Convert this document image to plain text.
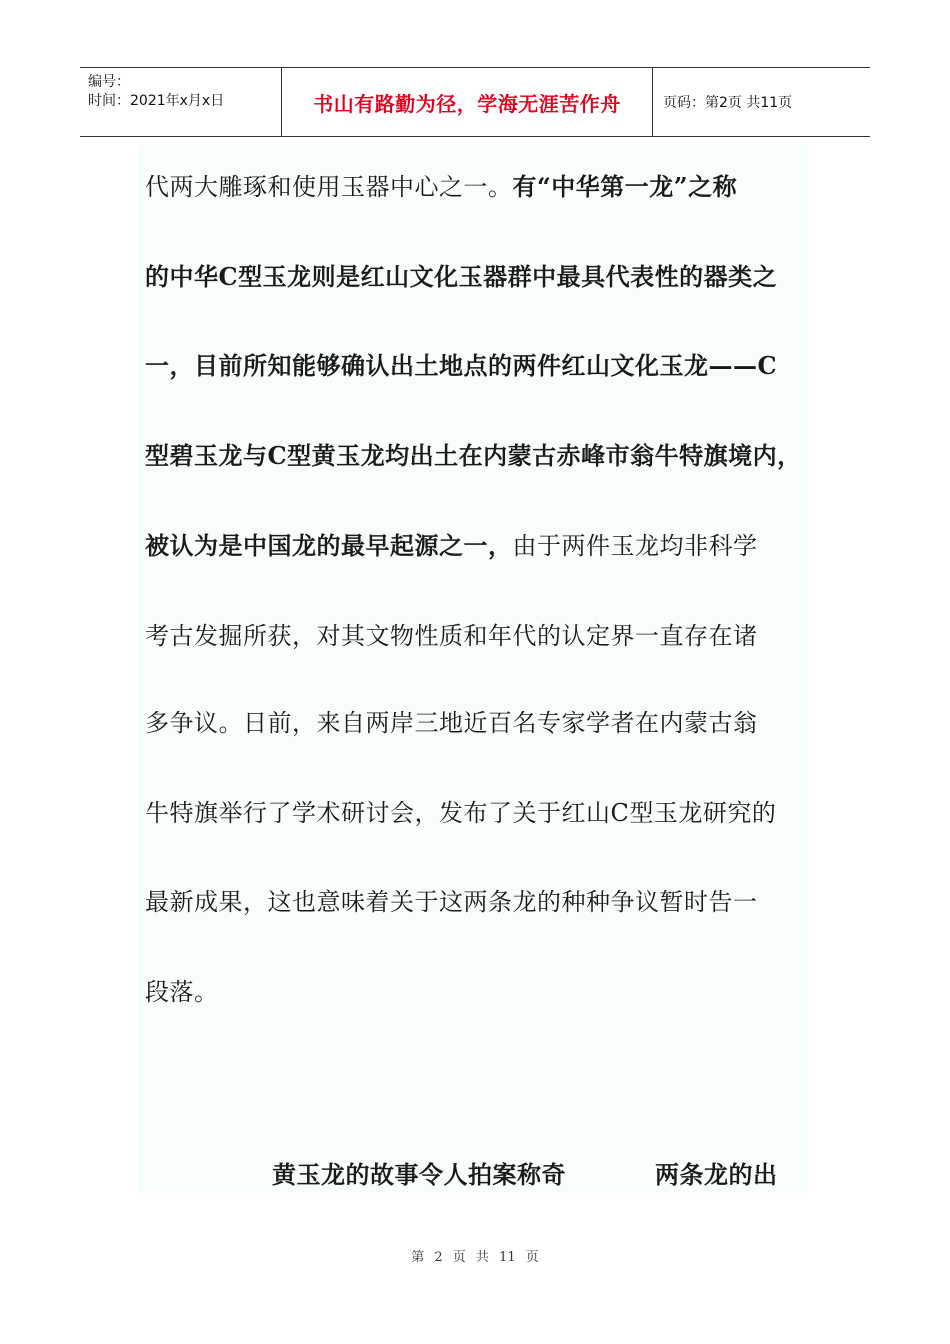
编号：
时间：2021年x月x日	书山有路勤为径，学海无涯苦作舟	页码：第2页 共11页
代两大雕琢和使用玉器中心之一。有“中华第一龙”之称
的中华C型玉龙则是红山文化玉器群中最具代表性的器类之
一，目前所知能够确认出土地点的两件红山文化玉龙——C
型碧玉龙与C型黄玉龙均出土在内蒙古赤峰市翁牛特旗境内，
被认为是中国龙的最早起源之一，由于两件玉龙均非科学
考古发掘所获，对其文物性质和年代的认定界一直存在诸
多争议。日前，来自两岸三地近百名专家学者在内蒙古翁
牛特旗举行了学术研讨会，发布了关于红山C型玉龙研究的
最新成果，这也意味着关于这两条龙的种种争议暂时告一
段落。
黄玉龙的故事令人拍案称奇	两条龙的出
第 2 页 共 11 页
